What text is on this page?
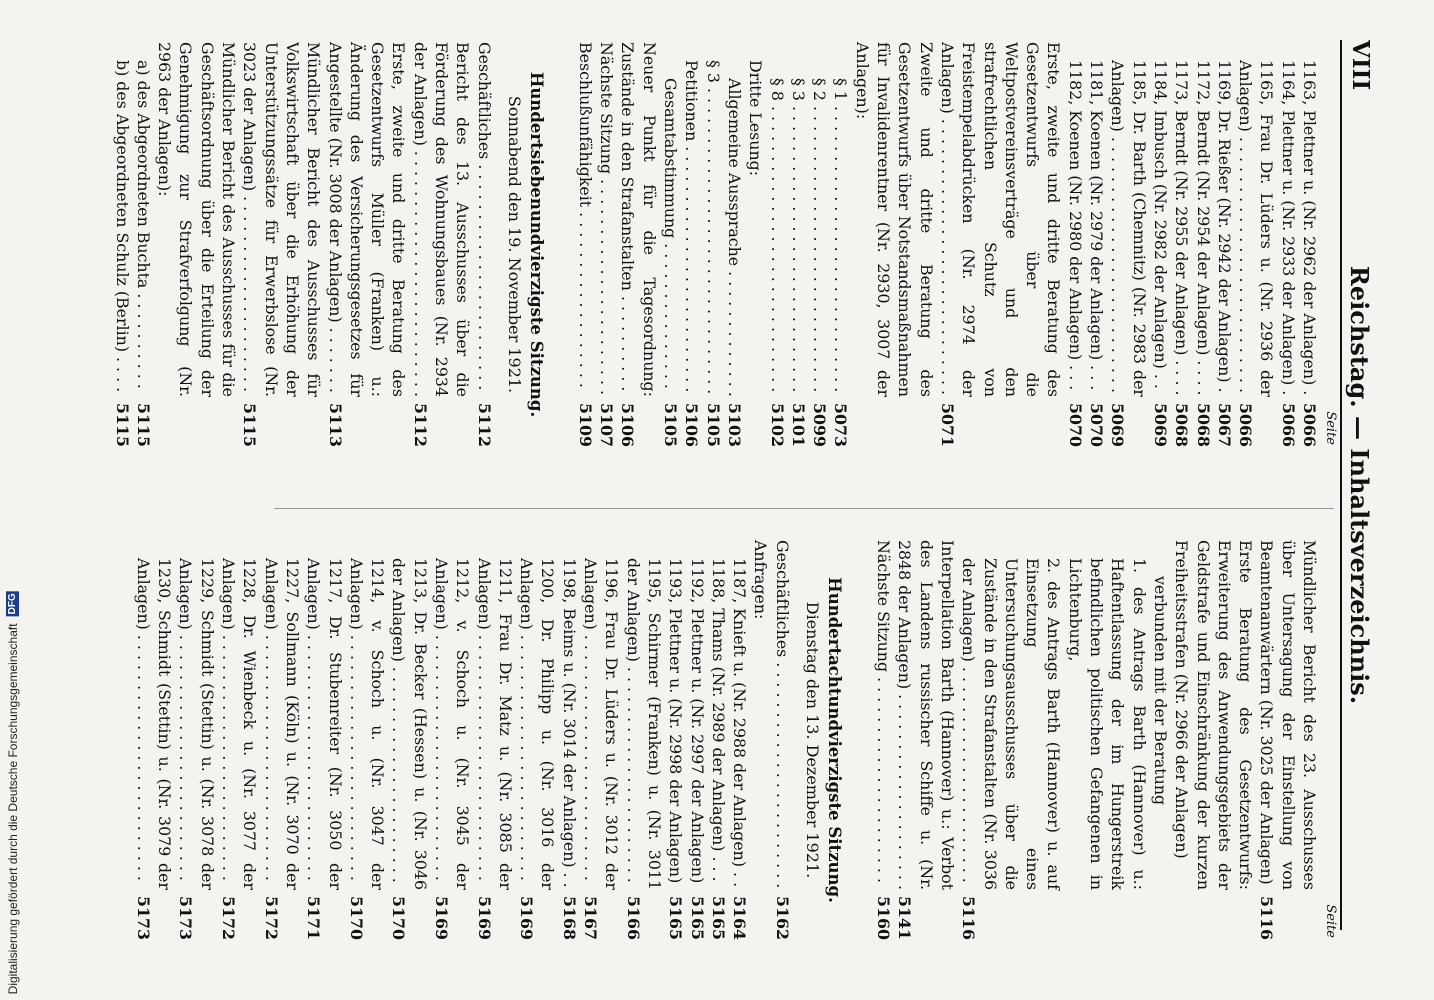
VIII
Reichstag. — Inhaltsverzeichnis.
Seite
1163, Plettner u. (Nr. 2962 der Anlagen) .
5066
1164, Plettner u. (Nr. 2933 der Anlagen) .
5066
1165, Frau Dr. Lüders u. (Nr. 2936 der Anlagen) . . . . . . . . . . . . . . . . . . . . . . . . . .
5066
1169, Dr. Rießer (Nr. 2942 der Anlagen) .
5067
1172, Berndt (Nr. 2954 der Anlagen) . . . .
5068
1173, Berndt (Nr. 2955 der Anlagen) . . . .
5068
1184, Imbusch (Nr. 2982 der Anlagen) . .
5069
1185, Dr. Barth (Chemnitz) (Nr. 2983 der Anlagen) . . . . . . . . . . . . . . . . . . . . . . . . . .
5069
1181, Koenen (Nr. 2979 der Anlagen) . . .
5070
1182, Koenen (Nr. 2980 der Anlagen) . . .
5070
Erste, zweite und dritte Beratung des Gesetzentwurfs über die Weltpostvereinsverträge und den strafrechtlichen Schutz von Freistempelabdrücken (Nr. 2974 der Anlagen) . . . . . . . . . . . . . . . . . . . . . . . . . . . .
5071
Zweite und dritte Beratung des Gesetzentwurfs über Notstandsmaßnahmen für Invalidenrentner (Nr. 2930, 3007 der Anlagen):
§ 1 . . . . . . . . . . . . . . . . . . . . . . . . . . . . .
5073
§ 2 . . . . . . . . . . . . . . . . . . . . . . . . . . . . .
5099
§ 3 . . . . . . . . . . . . . . . . . . . . . . . . . . . . .
5101
§ 8 . . . . . . . . . . . . . . . . . . . . . . . . . . . . .
5102
Dritte Lesung:
Allgemeine Aussprache . . . . . . . . . . . . .
5103
§ 3 . . . . . . . . . . . . . . . . . . . . . . . . . . . . . . .
5105
Petitionen . . . . . . . . . . . . . . . . . . . . . . . . .
5106
Gesamtabstimmung . . . . . . . . . . . . . . .
5105
Neuer Punkt für die Tagesordnung: Zustände in den Strafanstalten . . . . . . . . . .
5106
Nächste Sitzung . . . . . . . . . . . . . . . . . . . . . .
5107
Beschlußunfähigkeit . . . . . . . . . . . . . . . . . .
5109
Hundertsiebenundvierzigste Sitzung.
Sonnabend den 19. November 1921.
Geschäftliches . . . . . . . . . . . . . . . . . . . . . . .
5112
Bericht des 13. Ausschusses über die Förderung des Wohnungsbaues (Nr. 2934 der Anlagen) . . . . . . . . . . . . . . . . . . . . . . . . .
5112
Erste, zweite und dritte Beratung des Gesetzentwurfs Müller (Franken) u.: Änderung des Versicherungsgesetzes für Angestellte (Nr. 3008 der Anlagen) . . . . . . .
5113
Mündlicher Bericht des Ausschusses für Volkswirtschaft über die Erhöhung der Unterstützungssätze für Erwerbslose (Nr. 3023 der Anlagen) . . . . . . . . . . . . . . . . . . . .
5115
Mündlicher Bericht des Ausschusses für die Geschäftsordnung über die Erteilung der Genehmigung zur Strafverfolgung (Nr. 2963 der Anlagen):
a) des Abgeordneten Buchta . . . . . . . . . .
5115
b) des Abgeordneten Schulz (Berlin) . . . .
5115
Seite
Mündlicher Bericht des 23. Ausschusses über Untersagung der Einstellung von Beamtenanwärtern (Nr. 3025 der Anlagen)
5116
Erste Beratung des Gesetzentwurfs: Erweiterung des Anwendungsgebiets der Geldstrafe und Einschränkung der kurzen Freiheitsstrafen (Nr. 2966 der Anlagen)
verbunden mit der Beratung
1. des Antrags Barth (Hannover) u.: Haftentlassung der im Hungerstreik befindlichen politischen Gefangenen in Lichtenburg,
2. des Antrags Barth (Hannover) u. auf Einsetzung eines Untersuchungsausschusses über die Zustände in den Strafanstalten (Nr. 3036 der Anlagen) . . . . . . . . . . . . . . . . . . . . . .
5116
Interpellation Barth (Hannover) u.: Verbot des Landens russischer Schiffe u. (Nr. 2848 der Anlagen) . . . . . . . . . . . . . . . . . . . .
5141
Nächste Sitzung . . . . . . . . . . . . . . . . . . . . .
5160
Hundertachtundvierzigste Sitzung.
Dienstag den 13. Dezember 1921.
Geschäftliches . . . . . . . . . . . . . . . . . . . . . . .
5162
Anfragen:
1187, Knieft u. (Nr. 2988 der Anlagen) . .
5164
1188, Thams (Nr. 2989 der Anlagen) . . .
5165
1192, Plettner u. (Nr. 2997 der Anlagen)
5165
1193, Plettner u. (Nr. 2998 der Anlagen)
5165
1195, Schirmer (Franken) u. (Nr. 3011 der Anlagen) . . . . . . . . . . . . . . . . . . . . . .
5166
1196, Frau Dr. Lüders u. (Nr. 3012 der Anlagen) . . . . . . . . . . . . . . . . . . . . . . . . .
5167
1198, Beims u. (Nr. 3014 der Anlagen) . .
5168
1200, Dr. Philipp u. (Nr. 3016 der Anlagen) . . . . . . . . . . . . . . . . . . . . . . . . .
5169
1211, Frau Dr. Matz u. (Nr. 3085 der Anlagen) . . . . . . . . . . . . . . . . . . . . . . . . .
5169
1212, v. Schoch u. (Nr. 3045 der Anlagen) . . . . . . . . . . . . . . . . . . . . . . . . .
5169
1213, Dr. Becker (Hessen) u. (Nr. 3046 der Anlagen) . . . . . . . . . . . . . . . . . . . . . .
5170
1214, v. Schoch u. (Nr. 3047 der Anlagen) . . . . . . . . . . . . . . . . . . . . . . . . .
5170
1217, Dr. Stubenreiter (Nr. 3050 der Anlagen) . . . . . . . . . . . . . . . . . . . . . . . . .
5171
1227, Sollmann (Köln) u. (Nr. 3070 der Anlagen) . . . . . . . . . . . . . . . . . . . . . . . . .
5172
1228, Dr. Wienbeck u. (Nr. 3077 der Anlagen) . . . . . . . . . . . . . . . . . . . . . . . . .
5172
1229, Schmidt (Stettin) u. (Nr. 3078 der Anlagen) . . . . . . . . . . . . . . . . . . . . . . . . .
5173
1230, Schmidt (Stettin) u. (Nr. 3079 der Anlagen) . . . . . . . . . . . . . . . . . . . . . . . . .
5173
Digitalisierung gefördert durch die Deutsche Forschungsgemeinschaft DFG
